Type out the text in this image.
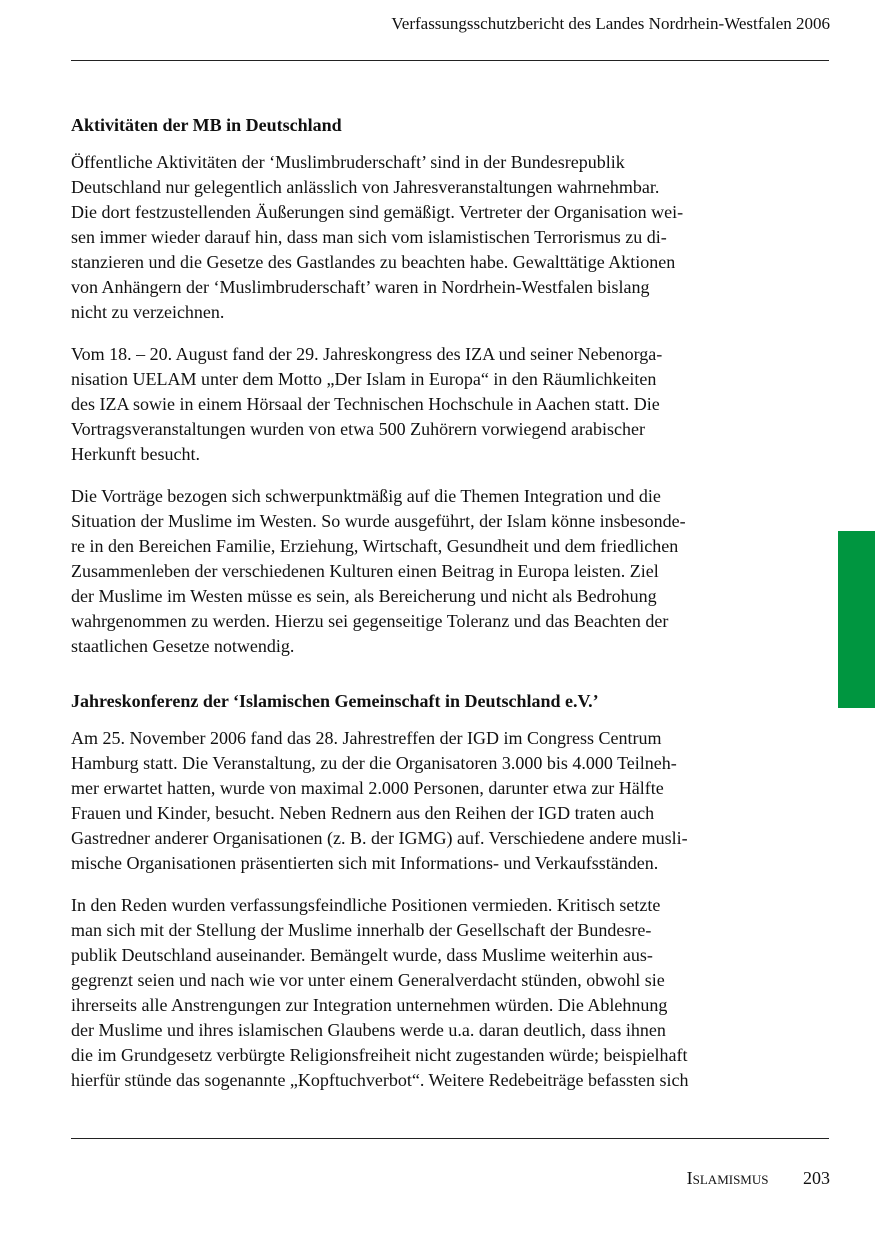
Verfassungsschutzbericht des Landes Nordrhein-Westfalen 2006
Aktivitäten der MB in Deutschland

Öffentliche Aktivitäten der ‘Muslimbruderschaft’ sind in der Bundesrepublik
Deutschland nur gelegentlich anlässlich von Jahresveranstaltungen wahrnehmbar.
Die dort festzustellenden Äußerungen sind gemäßigt. Vertreter der Organisation wei-
sen immer wieder darauf hin, dass man sich vom islamistischen Terrorismus zu di-
stanzieren und die Gesetze des Gastlandes zu beachten habe. Gewalttätige Aktionen
von Anhängern der ‘Muslimbruderschaft’ waren in Nordrhein-Westfalen bislang
nicht zu verzeichnen.

Vom 18. – 20. August fand der 29. Jahreskongress des IZA und seiner Nebenorga-
nisation UELAM unter dem Motto „Der Islam in Europa“ in den Räumlichkeiten
des IZA sowie in einem Hörsaal der Technischen Hochschule in Aachen statt. Die
Vortragsveranstaltungen wurden von etwa 500 Zuhörern vorwiegend arabischer
Herkunft besucht.

Die Vorträge bezogen sich schwerpunktmäßig auf die Themen Integration und die
Situation der Muslime im Westen. So wurde ausgeführt, der Islam könne insbesonde-
re in den Bereichen Familie, Erziehung, Wirtschaft, Gesundheit und dem friedlichen
Zusammenleben der verschiedenen Kulturen einen Beitrag in Europa leisten. Ziel
der Muslime im Westen müsse es sein, als Bereicherung und nicht als Bedrohung
wahrgenommen zu werden. Hierzu sei gegenseitige Toleranz und das Beachten der
staatlichen Gesetze notwendig.

Jahreskonferenz der ‘Islamischen Gemeinschaft in Deutschland e.V.’

Am 25. November 2006 fand das 28. Jahrestreffen der IGD im Congress Centrum
Hamburg statt. Die Veranstaltung, zu der die Organisatoren 3.000 bis 4.000 Teilneh-
mer erwartet hatten, wurde von maximal 2.000 Personen, darunter etwa zur Hälfte
Frauen und Kinder, besucht. Neben Rednern aus den Reihen der IGD traten auch
Gastredner anderer Organisationen (z. B. der IGMG) auf. Verschiedene andere musli-
mische Organisationen präsentierten sich mit Informations- und Verkaufsständen.

In den Reden wurden verfassungsfeindliche Positionen vermieden. Kritisch setzte
man sich mit der Stellung der Muslime innerhalb der Gesellschaft der Bundesre-
publik Deutschland auseinander. Bemängelt wurde, dass Muslime weiterhin aus-
gegrenzt seien und nach wie vor unter einem Generalverdacht stünden, obwohl sie
ihrerseits alle Anstrengungen zur Integration unternehmen würden. Die Ablehnung
der Muslime und ihres islamischen Glaubens werde u.a. daran deutlich, dass ihnen
die im Grundgesetz verbürgte Religionsfreiheit nicht zugestanden würde; beispielhaft
hierfür stünde das sogenannte „Kopftuchverbot“. Weitere Redebeiträge befassten sich

Islamismus 203
